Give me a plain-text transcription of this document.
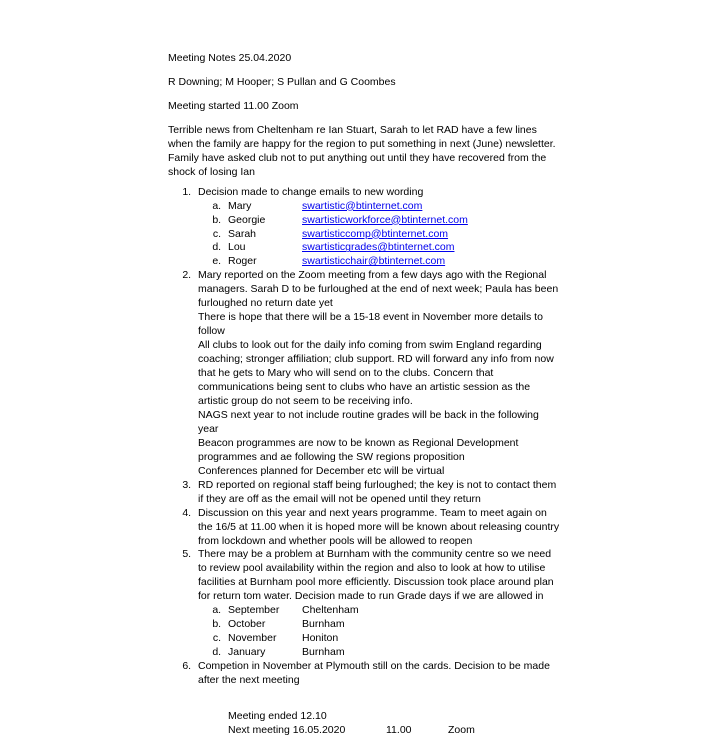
Meeting Notes 25.04.2020
R Downing; M Hooper; S Pullan and G Coombes
Meeting started 11.00 Zoom

Terrible news from Cheltenham re Ian Stuart, Sarah to let RAD have a few lines when the family are happy for the region to put something in next (June) newsletter. Family have asked club not to put anything out until they have recovered from the shock of losing Ian

1. Decision made to change emails to new wording
a. Mary	swartistic@btinternet.com
b. Georgie	swartisticworkforce@btinternet.com
c. Sarah	swartisticcomp@btinternet.com
d. Lou	swartisticgrades@btinternet.com
e. Roger	swartisticchair@btinternet.com
2. Mary reported on the Zoom meeting from a few days ago with the Regional managers. Sarah D to be furloughed at the end of next week; Paula has been furloughed no return date yet
There is hope that there will be a 15-18 event in November more details to follow
All clubs to look out for the daily info coming from swim England regarding coaching; stronger affiliation; club support. RD will forward any info from now that he gets to Mary who will send on to the clubs. Concern that communications being sent to clubs who have an artistic session as the artistic group do not seem to be receiving info.
NAGS next year to not include routine grades will be back in the following year
Beacon programmes are now to be known as Regional Development programmes and ae following the SW regions proposition
Conferences planned for December etc will be virtual
3. RD reported on regional staff being furloughed; the key is not to contact them if they are off as the email will not be opened until they return
4. Discussion on this year and next years programme. Team to meet again on the 16/5 at 11.00 when it is hoped more will be known about releasing country from lockdown and whether pools will be allowed to reopen
5. There may be a problem at Burnham with the community centre so we need to review pool availability within the region and also to look at how to utilise facilities at Burnham pool more efficiently. Discussion took place around plan for return tom water. Decision made to run Grade days if we are allowed in
a. September	Cheltenham
b. October	Burnham
c. November	Honiton
d. January	Burnham
6. Competion in November at Plymouth still on the cards. Decision to be made after the next meeting
Meeting ended 12.10
Next meeting 16.05.2020	11.00	Zoom
